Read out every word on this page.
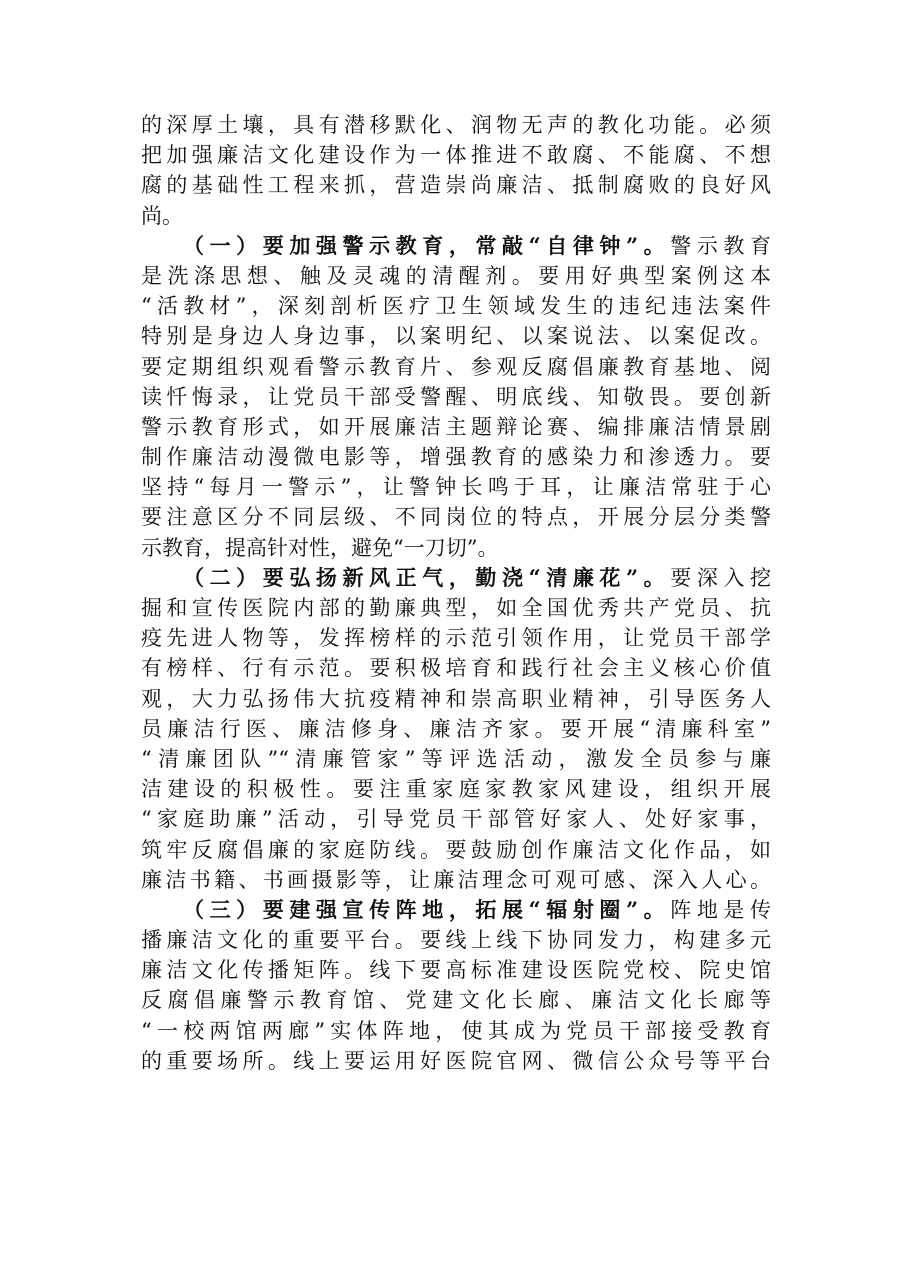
的深厚土壤，具有潜移默化、润物无声的教化功能。必须
把加强廉洁文化建设作为一体推进不敢腐、不能腐、不想
腐的基础性工程来抓，营造崇尚廉洁、抵制腐败的良好风
尚。
（一）要加强警示教育，常敲“自律钟”。警示教育
是洗涤思想、触及灵魂的清醒剂。要用好典型案例这本
“活教材”，深刻剖析医疗卫生领域发生的违纪违法案件
特别是身边人身边事，以案明纪、以案说法、以案促改。
要定期组织观看警示教育片、参观反腐倡廉教育基地、阅
读忏悔录，让党员干部受警醒、明底线、知敬畏。要创新
警示教育形式，如开展廉洁主题辩论赛、编排廉洁情景剧
制作廉洁动漫微电影等，增强教育的感染力和渗透力。要
坚持“每月一警示”，让警钟长鸣于耳，让廉洁常驻于心
要注意区分不同层级、不同岗位的特点，开展分层分类警
示教育，提高针对性，避免“一刀切”。
（二）要弘扬新风正气，勤浇“清廉花”。要深入挖
掘和宣传医院内部的勤廉典型，如全国优秀共产党员、抗
疫先进人物等，发挥榜样的示范引领作用，让党员干部学
有榜样、行有示范。要积极培育和践行社会主义核心价值
观，大力弘扬伟大抗疫精神和崇高职业精神，引导医务人
员廉洁行医、廉洁修身、廉洁齐家。要开展“清廉科室”
“清廉团队”“清廉管家”等评选活动，激发全员参与廉
洁建设的积极性。要注重家庭家教家风建设，组织开展
“家庭助廉”活动，引导党员干部管好家人、处好家事，
筑牢反腐倡廉的家庭防线。要鼓励创作廉洁文化作品，如
廉洁书籍、书画摄影等，让廉洁理念可观可感、深入人心。
（三）要建强宣传阵地，拓展“辐射圈”。阵地是传
播廉洁文化的重要平台。要线上线下协同发力，构建多元
廉洁文化传播矩阵。线下要高标准建设医院党校、院史馆
反腐倡廉警示教育馆、党建文化长廊、廉洁文化长廊等
“一校两馆两廊”实体阵地，使其成为党员干部接受教育
的重要场所。线上要运用好医院官网、微信公众号等平台
